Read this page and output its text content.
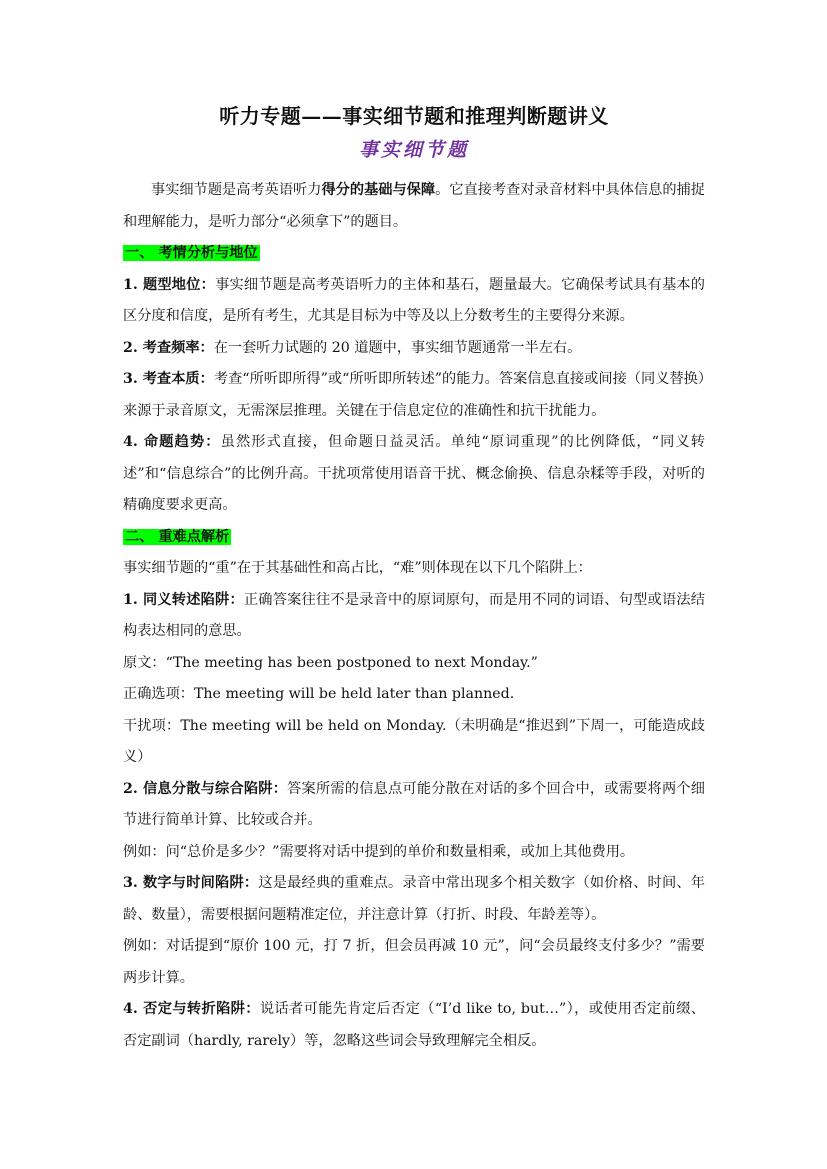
听力专题——事实细节题和推理判断题讲义
事实细节题

事实细节题是高考英语听力得分的基础与保障。它直接考查对录音材料中具体信息的捕捉和理解能力，是听力部分“必须拿下”的题目。

一、 考情分析与地位

1. 题型地位：事实细节题是高考英语听力的主体和基石，题量最大。它确保考试具有基本的区分度和信度，是所有考生，尤其是目标为中等及以上分数考生的主要得分来源。

2. 考查频率：在一套听力试题的 20 道题中，事实细节题通常一半左右。

3. 考查本质：考查“所听即所得”或“所听即所转述”的能力。答案信息直接或间接（同义替换）来源于录音原文，无需深层推理。关键在于信息定位的准确性和抗干扰能力。

4. 命题趋势：虽然形式直接，但命题日益灵活。单纯“原词重现”的比例降低，“同义转述”和“信息综合”的比例升高。干扰项常使用语音干扰、概念偷换、信息杂糅等手段，对听的精确度要求更高。

二、 重难点解析

事实细节题的“重”在于其基础性和高占比，“难”则体现在以下几个陷阱上：

1. 同义转述陷阱：正确答案往往不是录音中的原词原句，而是用不同的词语、句型或语法结构表达相同的意思。

原文：“The meeting has been postponed to next Monday.”

正确选项：The meeting will be held later than planned.

干扰项：The meeting will be held on Monday.（未明确是“推迟到”下周一，可能造成歧义）

2. 信息分散与综合陷阱：答案所需的信息点可能分散在对话的多个回合中，或需要将两个细节进行简单计算、比较或合并。

例如：问“总价是多少？”需要将对话中提到的单价和数量相乘，或加上其他费用。

3. 数字与时间陷阱：这是最经典的重难点。录音中常出现多个相关数字（如价格、时间、年龄、数量），需要根据问题精准定位，并注意计算（打折、时段、年龄差等）。

例如：对话提到“原价 100 元，打 7 折，但会员再减 10 元”，问“会员最终支付多少？”需要两步计算。

4. 否定与转折陷阱：说话者可能先肯定后否定（“I’d like to, but…”），或使用否定前缀、否定副词（hardly, rarely）等，忽略这些词会导致理解完全相反。
